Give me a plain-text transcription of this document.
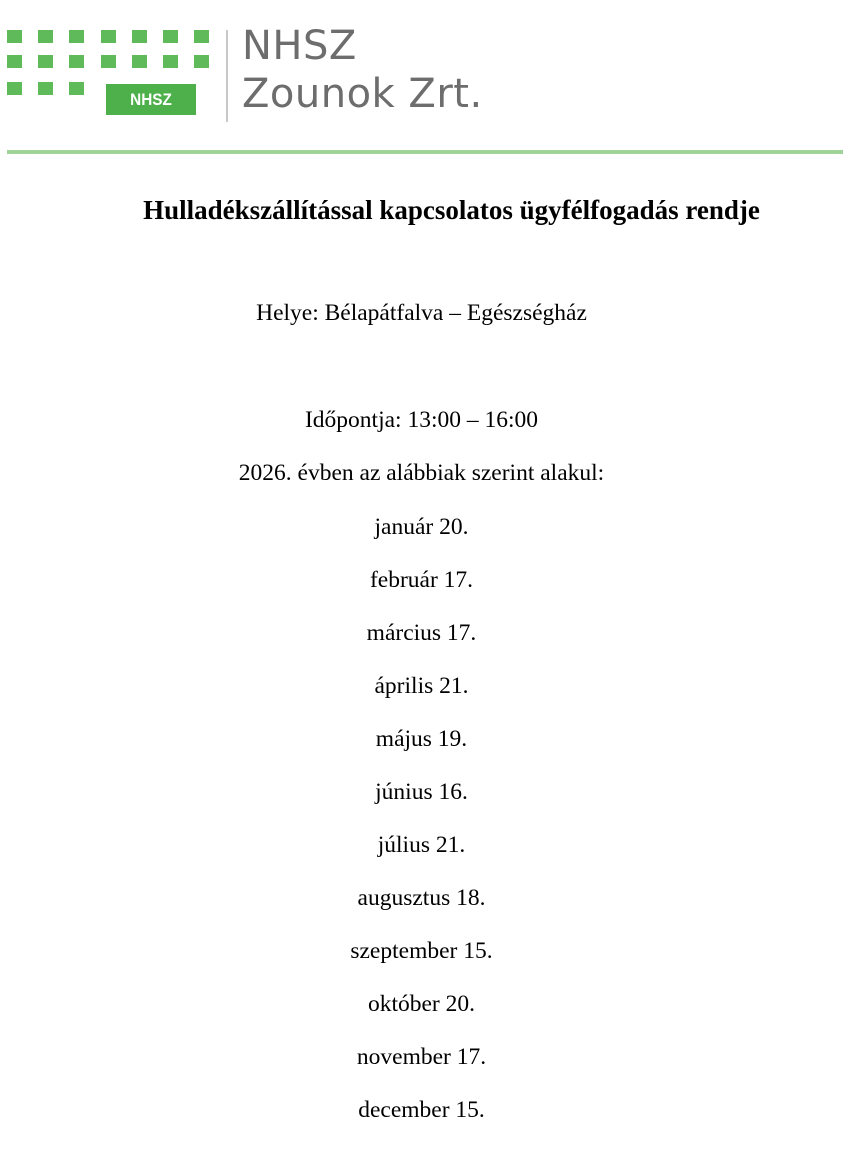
NHSZ
NHSZ
Zounok Zrt.
Hulladékszállítással kapcsolatos ügyfélfogadás rendje
Helye: Bélapátfalva – Egészségház
Időpontja: 13:00 – 16:00
2026. évben az alábbiak szerint alakul:
január 20.
február 17.
március 17.
április 21.
május 19.
június 16.
július 21.
augusztus 18.
szeptember 15.
október 20.
november 17.
december 15.
